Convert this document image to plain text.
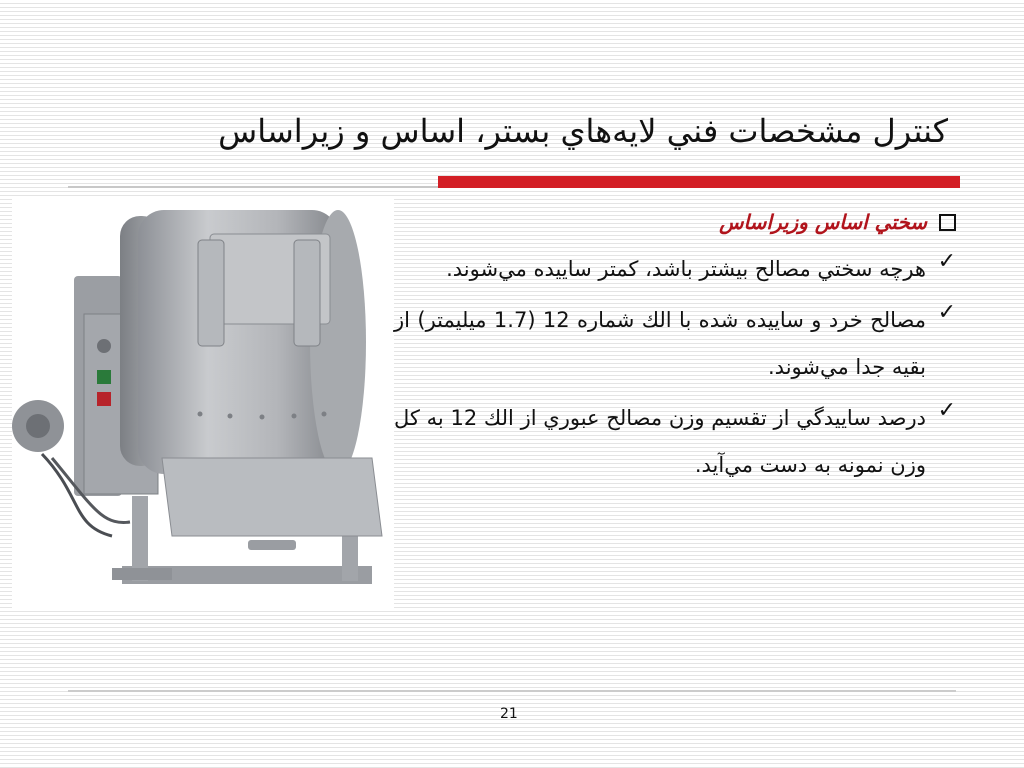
کنترل مشخصات فني لايه‌هاي بستر، اساس و زيراساس
سختي اساس وزيراساس
✓
هرچه سختي مصالح بيشتر باشد، کمتر ساييده مي‌شوند.
✓
مصالح خرد و ساييده شده با الك شماره 12 (1.7 ميليمتر) از بقيه جدا مي‌شوند.
✓
درصد ساييدگي از تقسيم وزن مصالح عبوري از الك 12 به كل وزن نمونه به دست مي‌آيد.
21
